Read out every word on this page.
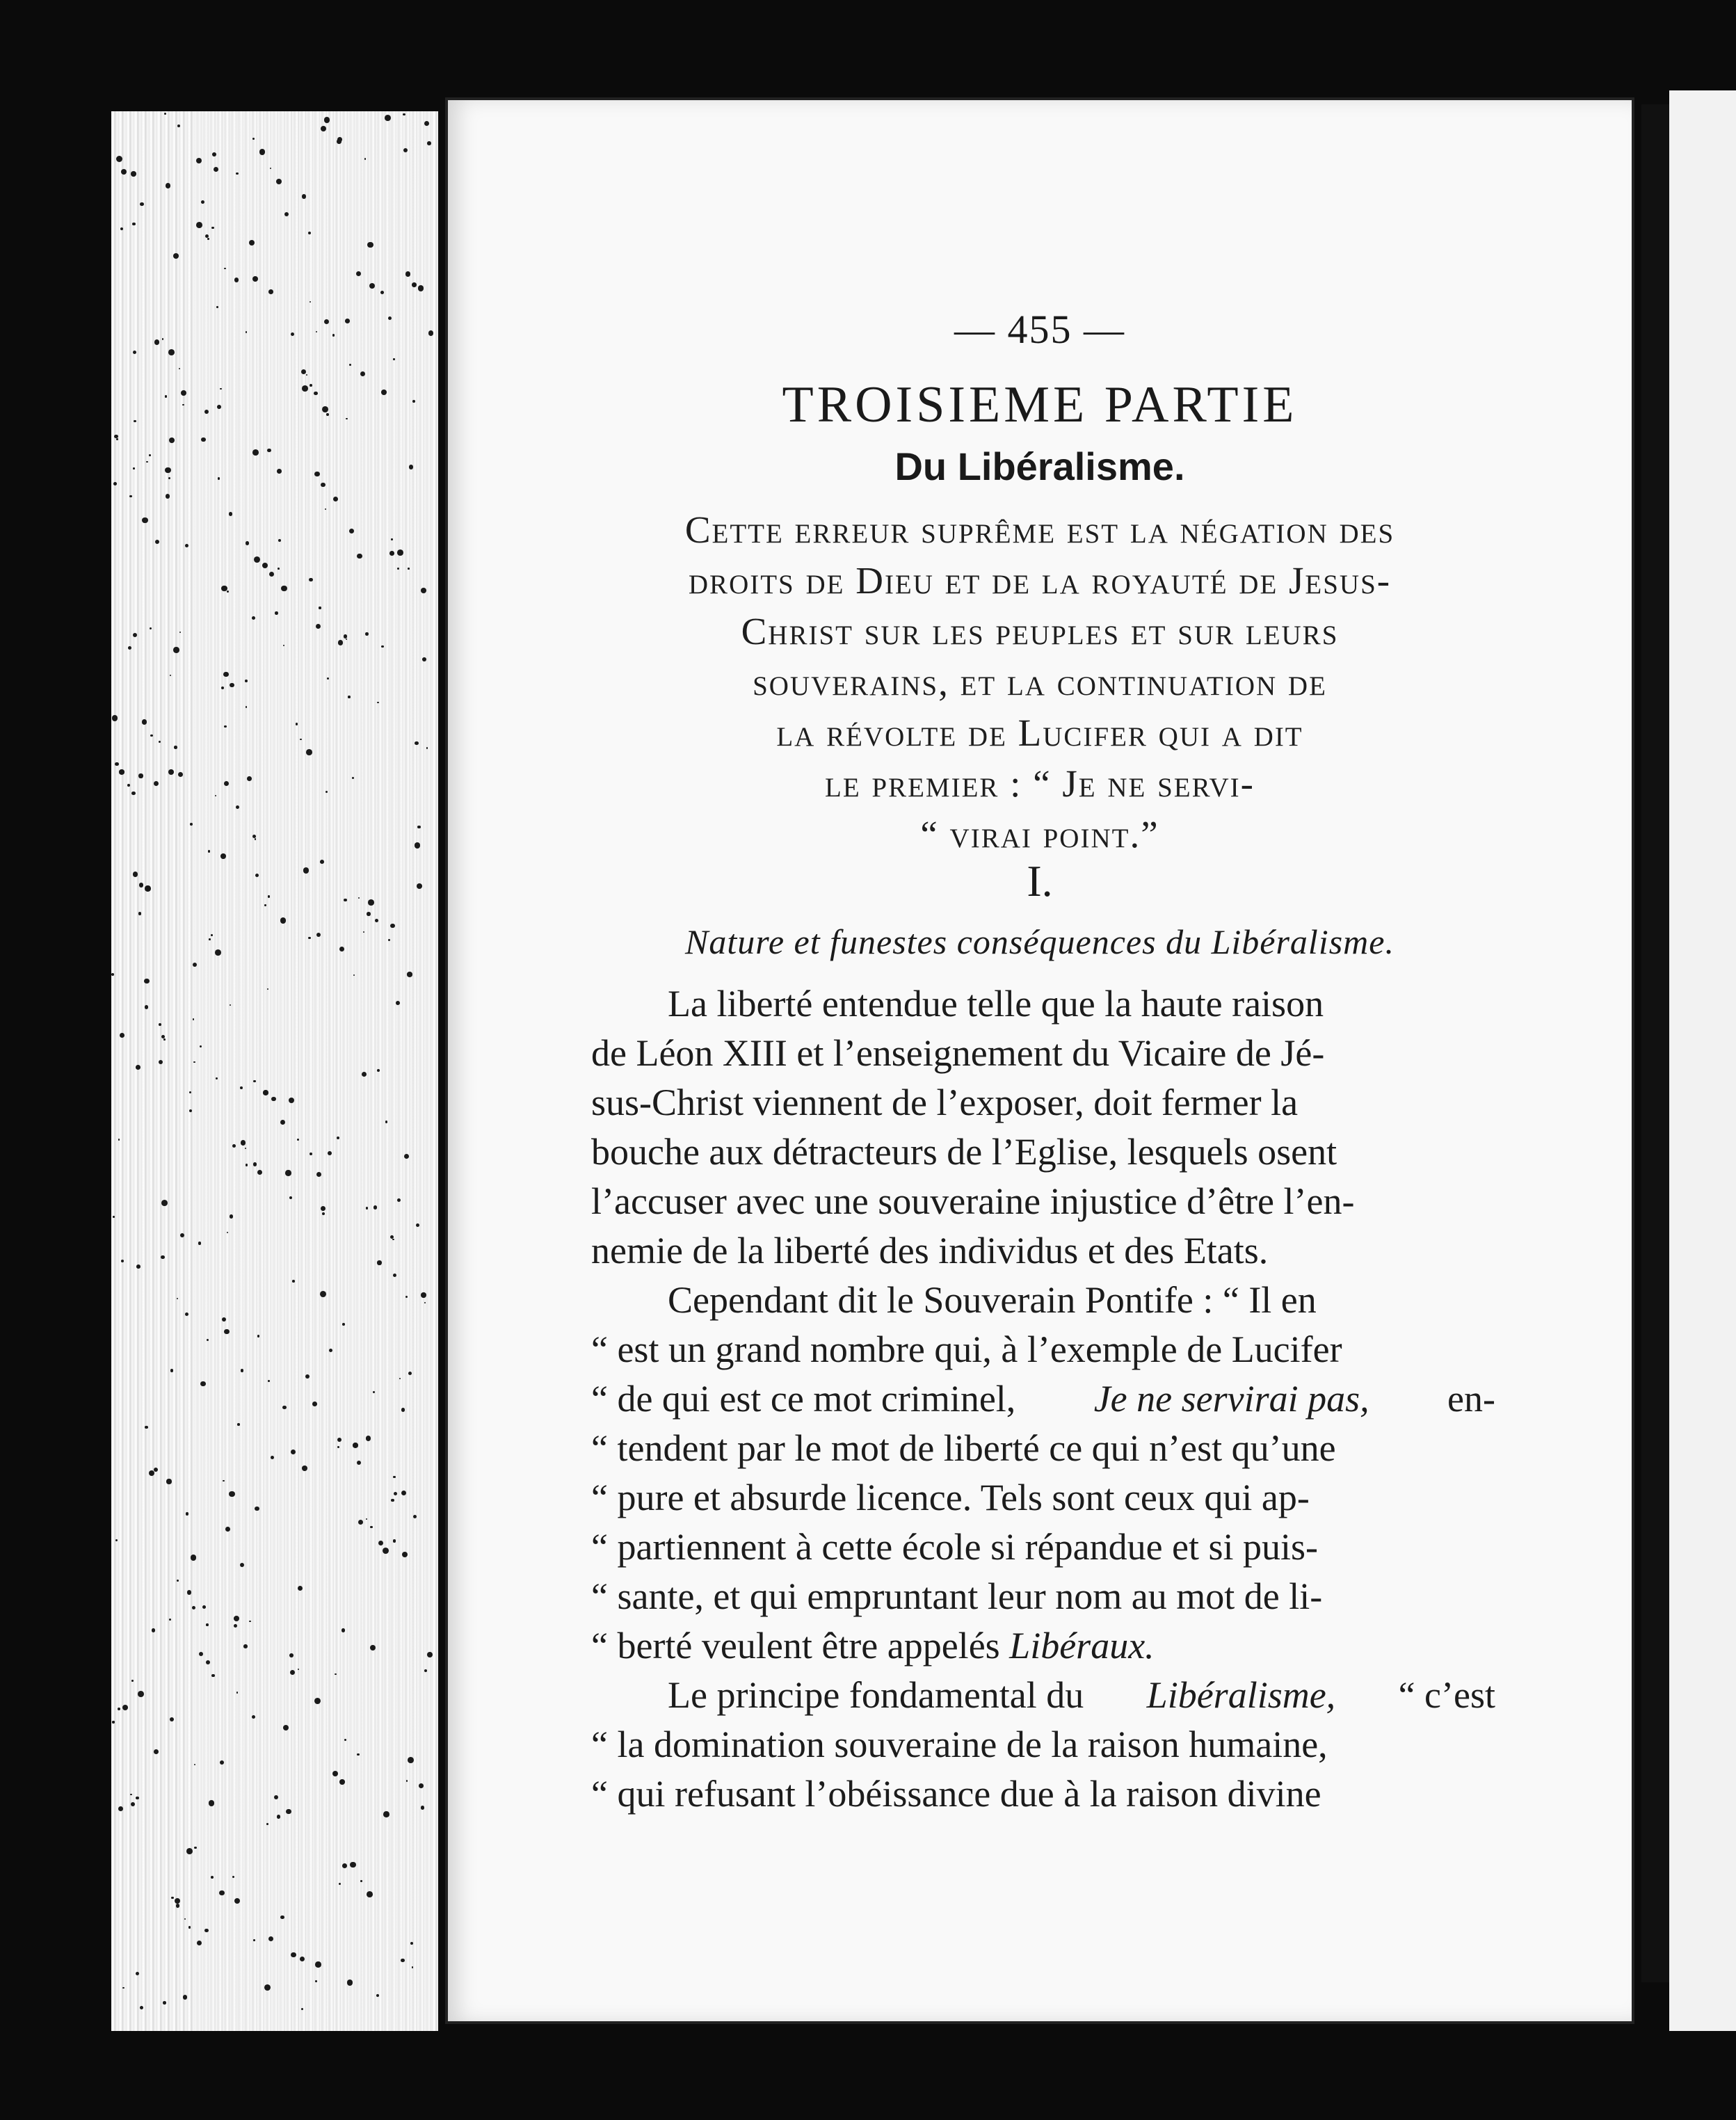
— 455 —
TROISIEME PARTIE
Du Libéralisme.
Cette erreur suprême est la négation des
droits de Dieu et de la royauté de Jesus-
Christ sur les peuples et sur leurs
souverains, et la continuation de
la révolte de Lucifer qui a dit
le premier : “ Je ne servi-
“ virai point.”
I.
Nature et funestes conséquences du Libéralisme.
La liberté entendue telle que la haute raison
de Léon XIII et l’enseignement du Vicaire de Jé-
sus-Christ viennent de l’exposer, doit fermer la
bouche aux détracteurs de l’Eglise, lesquels osent
l’accuser avec une souveraine injustice d’être l’en-
nemie de la liberté des individus et des Etats.
Cependant dit le Souverain Pontife : “ Il en
“ est un grand nombre qui, à l’exemple de Lucifer
“ de qui est ce mot criminel, Je ne servirai pas, en-
“ tendent par le mot de liberté ce qui n’est qu’une
“ pure et absurde licence. Tels sont ceux qui ap-
“ partiennent à cette école si répandue et si puis-
“ sante, et qui empruntant leur nom au mot de li-
“ berté veulent être appelés
Libéraux.
Le principe fondamental du Libéralisme, “ c’est
“ la domination souveraine de la raison humaine,
“ qui refusant l’obéissance due à la raison divine
